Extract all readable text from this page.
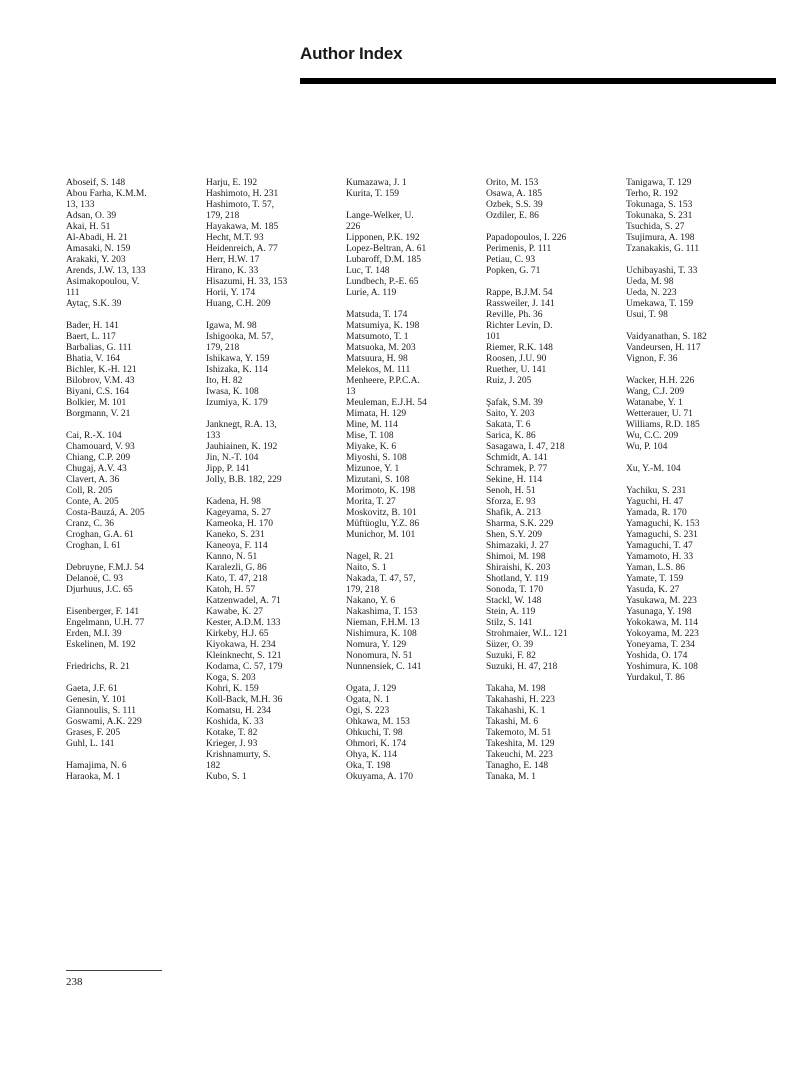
Author Index
Aboseif, S. 148
Abou Farha, K.M.M.
13, 133
Adsan, Ö. 39
Akai, H. 51
Al-Abadi, H. 21
Amasaki, N. 159
Arakaki, Y. 203
Arends, J.W. 13, 133
Asimakopoulou, V.
111
Aytaç, S.K. 39
Bader, H. 141
Baert, L. 117
Barbalias, G. 111
Bhatia, V. 164
Bichler, K.-H. 121
Bilobrov, V.M. 43
Biyani, C.S. 164
Bolkier, M. 101
Borgmann, V. 21
Cai, R.-X. 104
Chamouard, V. 93
Chiang, C.P. 209
Chugaj, A.V. 43
Clavert, A. 36
Coll, R. 205
Conte, A. 205
Costa-Bauzá, A. 205
Cranz, C. 36
Croghan, G.A. 61
Croghan, I. 61
Debruyne, F.M.J. 54
Delanoë, C. 93
Djurhuus, J.C. 65
Eisenberger, F. 141
Engelmann, U.H. 77
Erden, M.I. 39
Eskelinen, M. 192
Friedrichs, R. 21
Gaeta, J.F. 61
Genesin, Y. 101
Giannoulis, S. 111
Goswami, A.K. 229
Grases, F. 205
Guhl, L. 141
Hamajima, N. 6
Haraoka, M. 1
Harju, E. 192
Hashimoto, H. 231
Hashimoto, T. 57,
179, 218
Hayakawa, M. 185
Hecht, M.T. 93
Heidenreich, A. 77
Herr, H.W. 17
Hirano, K. 33
Hisazumi, H. 33, 153
Horii, Y. 174
Huang, C.H. 209
Igawa, M. 98
Ishigooka, M. 57,
179, 218
Ishikawa, Y. 159
Ishizaka, K. 114
Ito, H. 82
Iwasa, K. 108
Izumiya, K. 179
Janknegt, R.A. 13,
133
Jauhiainen, K. 192
Jin, N.-T. 104
Jipp, P. 141
Jolly, B.B. 182, 229
Kadena, H. 98
Kageyama, S. 27
Kameoka, H. 170
Kaneko, S. 231
Kaneoya, F. 114
Kanno, N. 51
Karalezli, G. 86
Kato, T. 47, 218
Katoh, H. 57
Katzenwadel, A. 71
Kawabe, K. 27
Kester, A.D.M. 133
Kirkeby, H.J. 65
Kiyokawa, H. 234
Kleinknecht, S. 121
Kodama, C. 57, 179
Koga, S. 203
Kohri, K. 159
Koll-Back, M.H. 36
Komatsu, H. 234
Koshida, K. 33
Kotake, T. 82
Krieger, J. 93
Krishnamurty, S.
182
Kubo, S. 1
Kumazawa, J. 1
Kurita, T. 159
Lange-Welker, U.
226
Lipponen, P.K. 192
Lopez-Beltran, A. 61
Lubaroff, D.M. 185
Luc, T. 148
Lundbech, P.-E. 65
Lurie, A. 119
Matsuda, T. 174
Matsumiya, K. 198
Matsumoto, T. 1
Matsuoka, M. 203
Matsuura, H. 98
Melekos, M. 111
Menheere, P.P.C.A.
13
Meuleman, E.J.H. 54
Mimata, H. 129
Mine, M. 114
Mise, T. 108
Miyake, K. 6
Miyoshi, S. 108
Mizunoe, Y. 1
Mizutani, S. 108
Morimoto, K. 198
Morita, T. 27
Moskovitz, B. 101
Müftüoglu, Y.Z. 86
Munichor, M. 101
Nagel, R. 21
Naito, S. 1
Nakada, T. 47, 57,
179, 218
Nakano, Y. 6
Nakashima, T. 153
Nieman, F.H.M. 13
Nishimura, K. 108
Nomura, Y. 129
Nonomura, N. 51
Nunnensiek, C. 141
Ogata, J. 129
Ogata, N. 1
Ogi, S. 223
Ohkawa, M. 153
Ohkuchi, T. 98
Ohmori, K. 174
Ohya, K. 114
Oka, T. 198
Okuyama, A. 170
Orito, M. 153
Osawa, A. 185
Özbek, S.S. 39
Özdiler, E. 86
Papadopoulos, I. 226
Perimenis, P. 111
Petiau, C. 93
Popken, G. 71
Rappe, B.J.M. 54
Rassweiler, J. 141
Reville, Ph. 36
Richter Levin, D.
101
Riemer, R.K. 148
Roosen, J.U. 90
Ruether, U. 141
Ruiz, J. 205
Şafak, S.M. 39
Saito, Y. 203
Sakata, T. 6
Sarica, K. 86
Sasagawa, I. 47, 218
Schmidt, A. 141
Schramek, P. 77
Sekine, H. 114
Senoh, H. 51
Sforza, E. 93
Shafik, A. 213
Sharma, S.K. 229
Shen, S.Y. 209
Shimazaki, J. 27
Shimoi, M. 198
Shiraishi, K. 203
Shotland, Y. 119
Sonoda, T. 170
Stackl, W. 148
Stein, A. 119
Stilz, S. 141
Strohmaier, W.L. 121
Süzer, O. 39
Suzuki, F. 82
Suzuki, H. 47, 218
Takaha, M. 198
Takahashi, H. 223
Takahashi, K. 1
Takashi, M. 6
Takemoto, M. 51
Takeshita, M. 129
Takeuchi, M. 223
Tanagho, E. 148
Tanaka, M. 1
Tanigawa, T. 129
Terho, R. 192
Tokunaga, S. 153
Tokunaka, S. 231
Tsuchida, S. 27
Tsujimura, A. 198
Tzanakakis, G. 111
Uchibayashi, T. 33
Ueda, M. 98
Ueda, N. 223
Umekawa, T. 159
Usui, T. 98
Vaidyanathan, S. 182
Vandeursen, H. 117
Vignon, F. 36
Wacker, H.H. 226
Wang, C.J. 209
Watanabe, Y. 1
Wetterauer, U. 71
Williams, R.D. 185
Wu, C.C. 209
Wu, P. 104
Xu, Y.-M. 104
Yachiku, S. 231
Yaguchi, H. 47
Yamada, R. 170
Yamaguchi, K. 153
Yamaguchi, S. 231
Yamaguchi, T. 47
Yamamoto, H. 33
Yaman, L.S. 86
Yamate, T. 159
Yasuda, K. 27
Yasukawa, M. 223
Yasunaga, Y. 198
Yokokawa, M. 114
Yokoyama, M. 223
Yoneyama, T. 234
Yoshida, O. 174
Yoshimura, K. 108
Yurdakul, T. 86
238
